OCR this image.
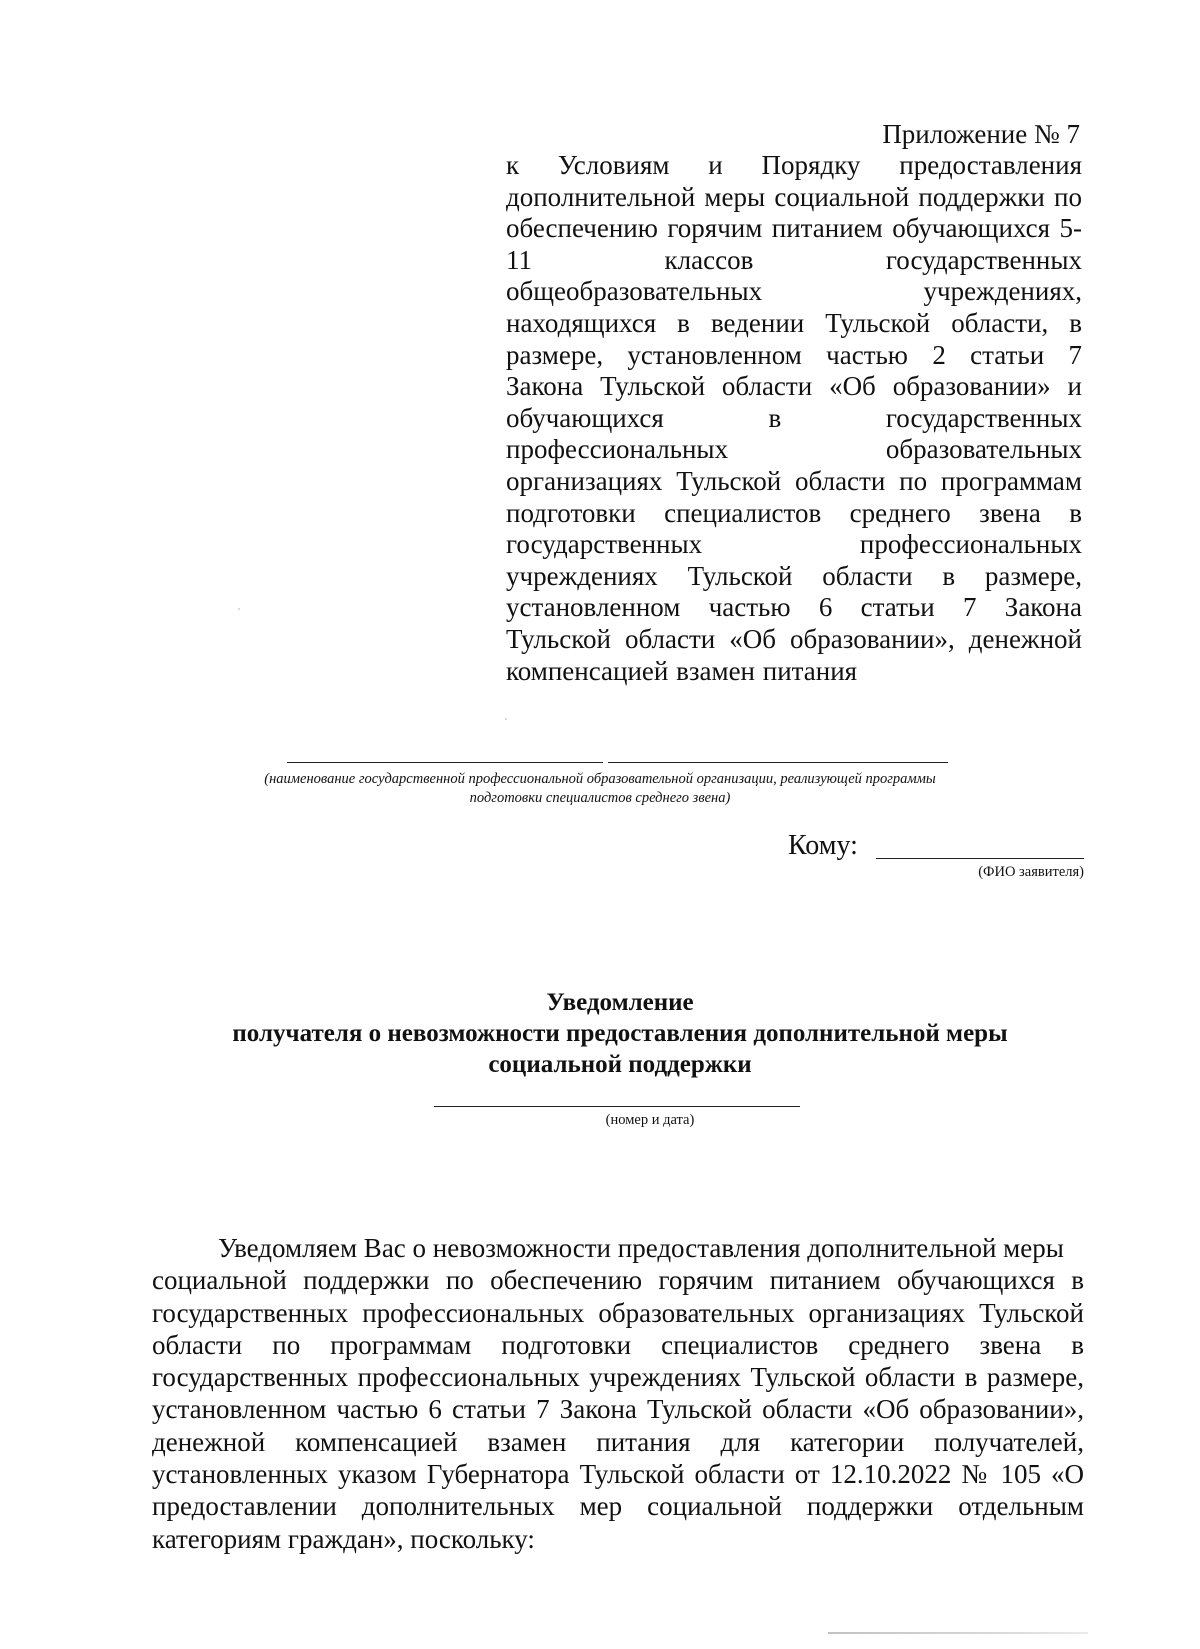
Приложение № 7

к Условиям и Порядку предоставления
дополнительной меры социальной поддержки по
обеспечению горячим питанием обучающихся 5-
11 классов государственных
общеобразовательных учреждениях,
находящихся в ведении Тульской области, в
размере, установленном частью 2 статьи 7
Закона Тульской области «Об образовании» и
обучающихся в государственных
профессиональных образовательных
организациях Тульской области по программам
подготовки специалистов среднего звена в
государственных профессиональных
учреждениях Тульской области в размере,
установленном частью 6 статьи 7 Закона
Тульской области «Об образовании», денежной
компенсацией взамен питания

(наименование государственной профессиональной образовательной организации, реализующей программы
подготовки специалистов среднего звена)

Кому:
(ФИО заявителя)

Уведомление
получателя о невозможности предоставления дополнительной меры
социальной поддержки

(номер и дата)

Уведомляем Вас о невозможности предоставления дополнительной меры
социальной поддержки по обеспечению горячим питанием обучающихся в
государственных профессиональных образовательных организациях Тульской
области по программам подготовки специалистов среднего звена в
государственных профессиональных учреждениях Тульской области в размере,
установленном частью 6 статьи 7 Закона Тульской области «Об образовании»,
денежной компенсацией взамен питания для категории получателей,
установленных указом Губернатора Тульской области от 12.10.2022 № 105 «О
предоставлении дополнительных мер социальной поддержки отдельным
категориям граждан», поскольку:
